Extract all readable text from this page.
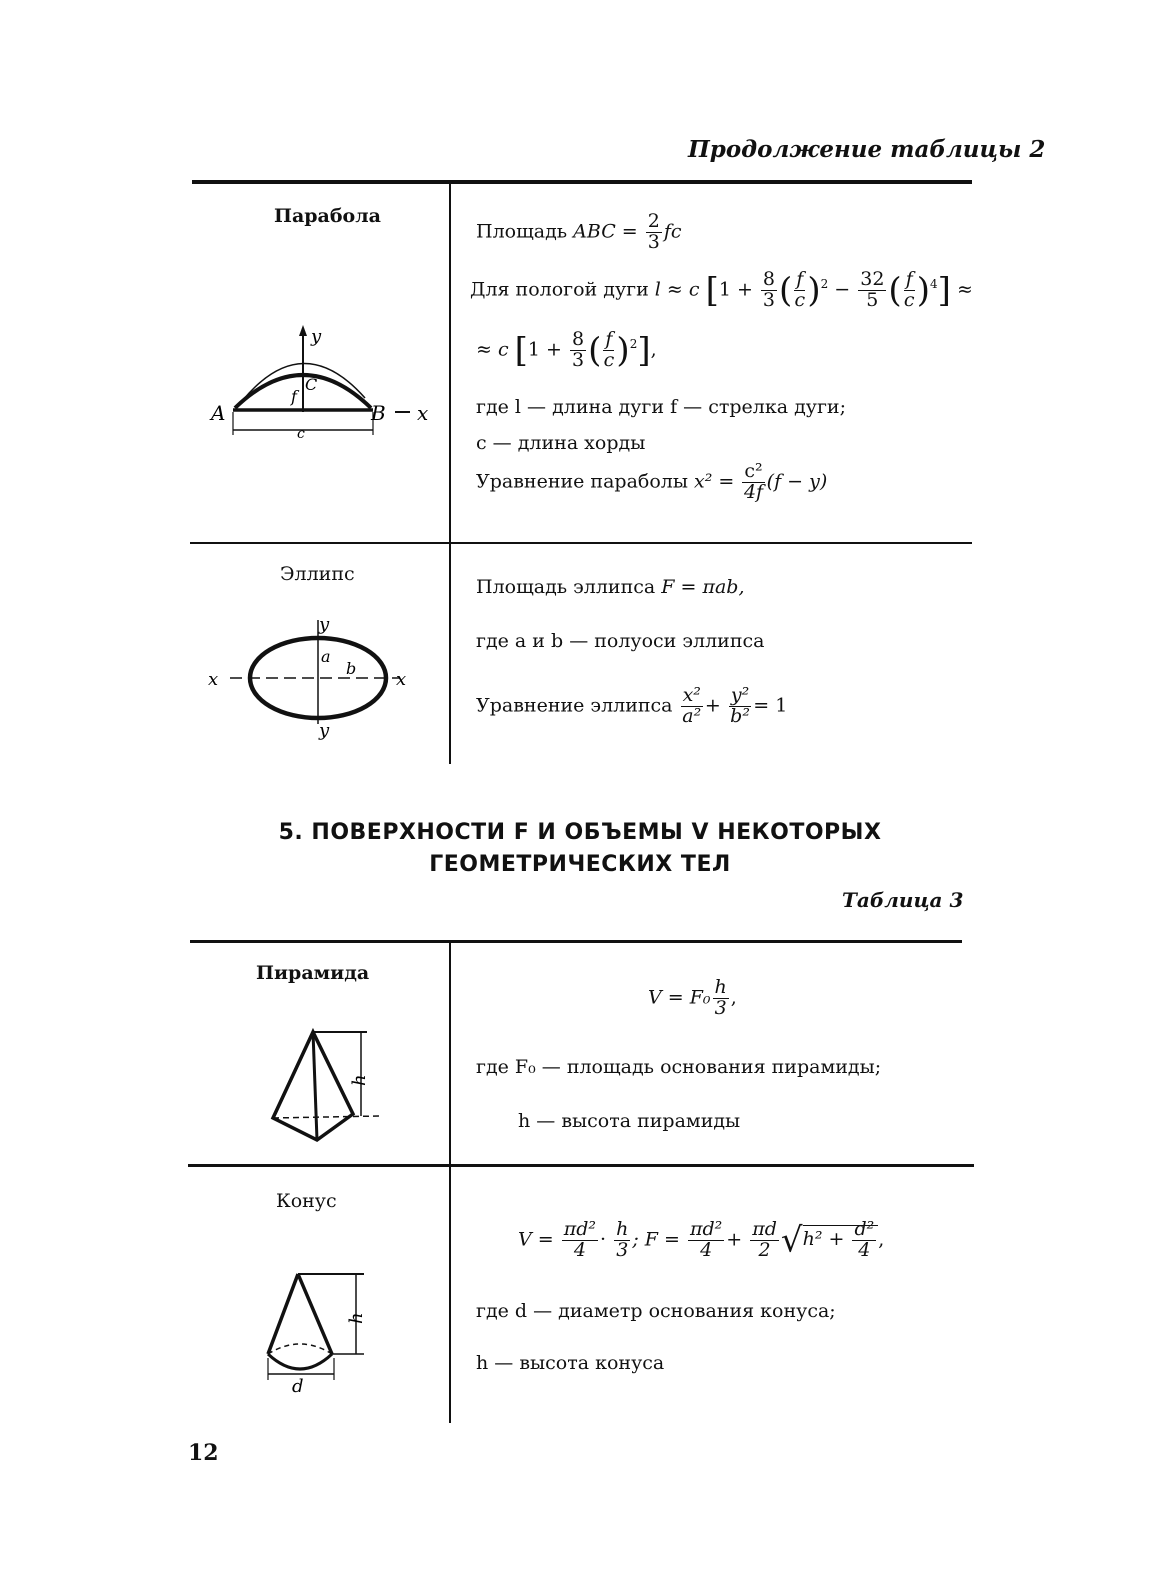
Продолжение таблицы 2
Парабола
y
C
f
A	B x
c
Площадь ABC = $\frac{2}{3}$ fc
Для пологой дуги l ≈ c [$1 + \frac{8}{3}$ ( $\frac{f}{c} )^2 - \frac{32}{5}$ ( $\frac{f}{c} )^4$] ≈
≈ c [$1 + \frac{8}{3}$ ( $\frac{f}{c} )^2$],
где l — длина дуги f — стрелка дуги;
c — длина хорды
Уравнение параболы $x^2 = \frac{\text{c²}}{4f} (f - y)$
Эллипс
x	x
y
y
a
b
Площадь эллипса F = πab,
где a и b — полуоси эллипса
Уравнение эллипса $\frac{\text{x²}}{\text{a²}} + \frac{\text{y²}}{\text{b²}} = 1$
5. ПОВЕРХНОСТИ F И ОБЪЕМЫ V НЕКОТОРЫХ
ГЕОМЕТРИЧЕСКИХ ТЕЛ
Таблица 3
Пирамида
h
$V = F_0 \frac{h}{3}$ ,
где F₀ — площадь основания пирамиды;
h — высота пирамиды
Конус
h
d
$V = \frac{\text{πd²}}{4} \cdot \frac{h}{3}$ ; $F = \frac{\text{πd²}}{4} + \frac{\pi d}{2} √h^2 + \frac{\text{d²}}{4}$ ,
где d — диаметр основания конуса;
h — высота конуса
12
